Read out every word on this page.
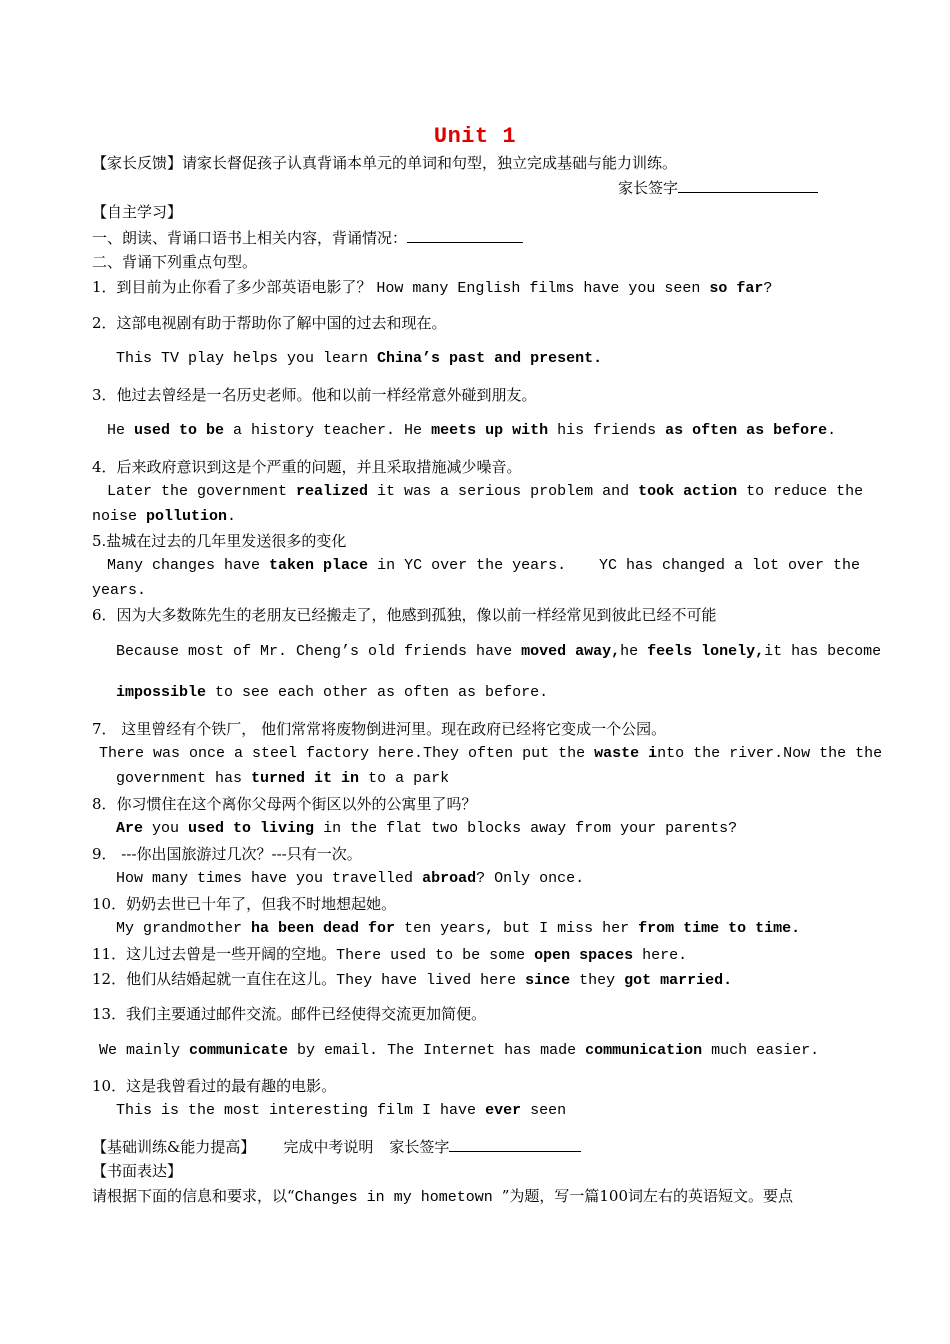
Unit 1
【家长反馈】请家长督促孩子认真背诵本单元的单词和句型，独立完成基础与能力训练。
家长签字
【自主学习】
一、朗读、背诵口语书上相关内容，背诵情况：
二、背诵下列重点句型。
1．到目前为止你看了多少部英语电影了？ How many English films have you seen so far?
2．这部电视剧有助于帮助你了解中国的过去和现在。
This TV play helps you learn China’s past and present.
3．他过去曾经是一名历史老师。他和以前一样经常意外碰到朋友。
He used to be a history teacher. He meets up with his friends as often as before.
4．后来政府意识到这是个严重的问题，并且采取措施减少噪音。
Later the government realized it was a serious problem and took action to reduce the
noise pollution.
5.盐城在过去的几年里发送很多的变化
Many changes have taken place in YC over the years. YC has changed a lot over the
years.
6．因为大多数陈先生的老朋友已经搬走了，他感到孤独，像以前一样经常见到彼此已经不可能
Because most of Mr. Cheng’s old friends have moved away,he feels lonely,it has become
impossible to see each other as often as before.
7． 这里曾经有个铁厂， 他们常常将废物倒进河里。现在政府已经将它变成一个公园。
There was once a steel factory here.They often put the waste into the river.Now the the
government has turned it in to a park
8．你习惯住在这个离你父母两个街区以外的公寓里了吗？
Are you used to living in the flat two blocks away from your parents?
9． ---你出国旅游过几次？---只有一次。
How many times have you travelled abroad? Only once.
10．奶奶去世已十年了，但我不时地想起她。
My grandmother ha been dead for ten years, but I miss her from time to time.
11．这儿过去曾是一些开阔的空地。There used to be some open spaces here.
12．他们从结婚起就一直住在这儿。They have lived here since they got married.
13．我们主要通过邮件交流。邮件已经使得交流更加简便。
We mainly communicate by email. The Internet has made communication much easier.
10．这是我曾看过的最有趣的电影。
This is the most interesting film I have ever seen
【基础训练&能力提高】 完成中考说明 家长签字
【书面表达】
请根据下面的信息和要求，以“Changes in my hometown ”为题，写一篇100词左右的英语短文。要点
